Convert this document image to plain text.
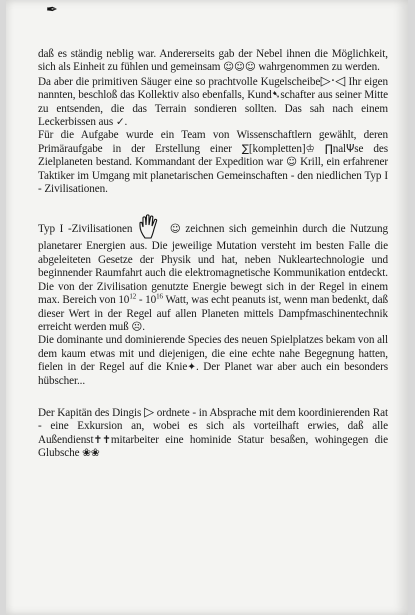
✒

daß es ständig neblig war. Andererseits gab der Nebel ihnen die Möglichkeit, sich als Einheit zu fühlen und gemeinsam ☺☺☺ wahrgenommen zu werden.

Da aber die primitiven Säuger eine so prachtvolle Kugelscheibe▷·◁ Ihr eigen nannten, beschloß das Kollektiv also ebenfalls, Kund➷schafter aus seiner Mitte zu entsenden, die das Terrain sondieren sollten. Das sah nach einem Leckerbissen aus ✓.

Für die Aufgabe wurde ein Team von Wissenschaftlern gewählt, deren Primäraufgabe in der Erstellung einer ∑[kompletten]♔ ∏nalΨse des Zielplaneten bestand. Kommandant der Expedition war ☺ Krill, ein erfahrener Taktiker im Umgang mit planetarischen Gemeinschaften - den niedlichen Typ I - Zivilisationen.

Typ I -Zivilisationen	☺ zeichnen sich gemeinhin durch die Nutzung planetarer Energien aus. Die jeweilige Mutation versteht im besten Falle die abgeleiteten Gesetze der Physik und hat, neben Nukleartechnologie und beginnender Raumfahrt auch die elektromagnetische Kommunikation entdeckt. Die von der Zivilisation genutzte Energie bewegt sich in der Regel in einem max. Bereich von $10^{12} - 10^{16}$ Watt, was echt peanuts ist, wenn man bedenkt, daß dieser Wert in der Regel auf allen Planeten mittels Dampfmaschinentechnik erreicht werden muß ☹.

Die dominante und dominierende Species des neuen Spielplatzes bekam von all dem kaum etwas mit und diejenigen, die eine echte nahe Begegnung hatten, fielen in der Regel auf die Knie✦. Der Planet war aber auch ein besonders hübscher...

Der Kapitän des Dingis ▷ ordnete - in Absprache mit dem koordinierenden Rat - eine Exkursion an, wobei es sich als vorteilhaft erwies, daß alle Außendienst✝✝mitarbeiter eine hominide Statur besaßen, wohingegen die Glubsche ❀❀
